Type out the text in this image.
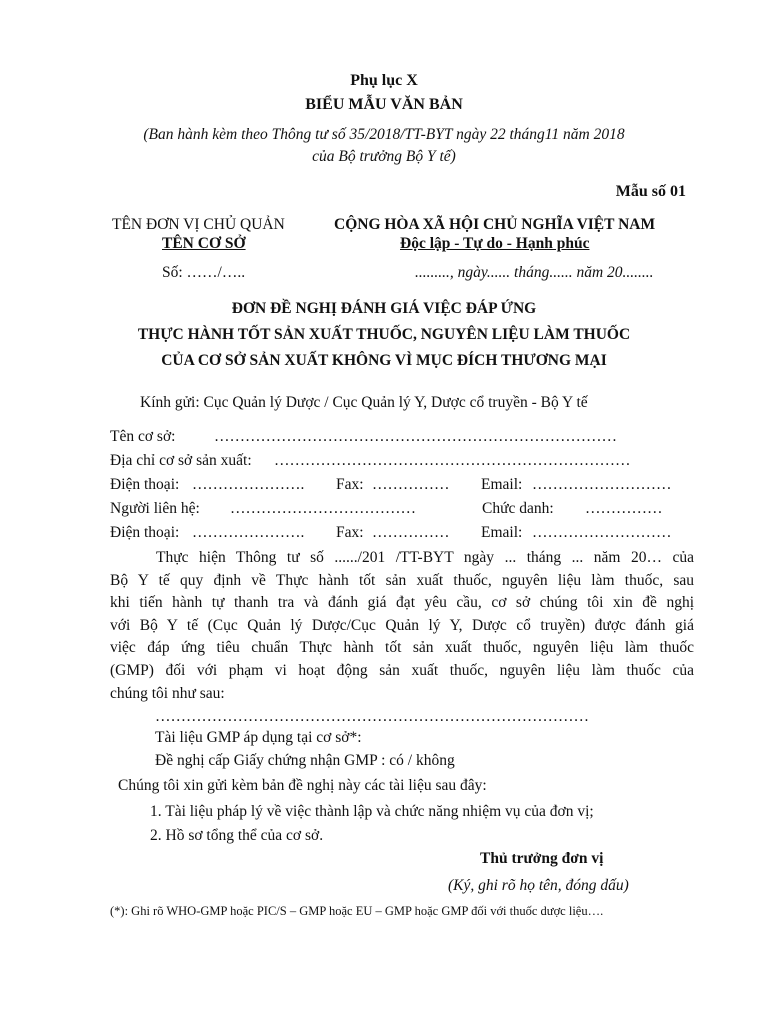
Phụ lục X
BIỂU MẪU VĂN BẢN
(Ban hành kèm theo Thông tư số 35/2018/TT-BYT ngày 22 tháng11 năm 2018
của Bộ trưởng Bộ Y tế)
Mẫu số 01
TÊN ĐƠN VỊ CHỦ QUẢN
TÊN CƠ SỞ
Số: ……/…..
CỘNG HÒA XÃ HỘI CHỦ NGHĨA VIỆT NAM
Độc lập - Tự do - Hạnh phúc
........., ngày...... tháng...... năm 20........
ĐƠN ĐỀ NGHỊ ĐÁNH GIÁ VIỆC ĐÁP ỨNG
THỰC HÀNH TỐT SẢN XUẤT THUỐC, NGUYÊN LIỆU LÀM THUỐC
CỦA CƠ SỞ SẢN XUẤT KHÔNG VÌ MỤC ĐÍCH THƯƠNG MẠI
Kính gửi: Cục Quản lý Dược / Cục Quản lý Y, Dược cổ truyền - Bộ Y tế
Tên cơ sở: ……………………………………………………………………
Địa chỉ cơ sở sản xuất: ……………………………………………………………
Điện thoại: …………………. Fax: …………… Email: ………………………
Người liên hệ: ………………………………	Chức danh: ……………
Điện thoại: …………………. Fax: …………… Email: ………………………
Thực hiện Thông tư số ....../201 /TT-BYT ngày ... tháng ... năm 20… của
Bộ Y tế quy định về Thực hành tốt sản xuất thuốc, nguyên liệu làm thuốc, sau
khi tiến hành tự thanh tra và đánh giá đạt yêu cầu, cơ sở chúng tôi xin đề nghị
với Bộ Y tế (Cục Quản lý Dược/Cục Quản lý Y, Dược cổ truyền) được đánh giá
việc đáp ứng tiêu chuẩn Thực hành tốt sản xuất thuốc, nguyên liệu làm thuốc
(GMP) đối với phạm vi hoạt động sản xuất thuốc, nguyên liệu làm thuốc của
chúng tôi như sau:
…………………………………………………………………………
Tài liệu GMP áp dụng tại cơ sở*:
Đề nghị cấp Giấy chứng nhận GMP : có / không
Chúng tôi xin gửi kèm bản đề nghị này các tài liệu sau đây:
1. Tài liệu pháp lý về việc thành lập và chức năng nhiệm vụ của đơn vị;
2. Hồ sơ tổng thể của cơ sở.
Thủ trưởng đơn vị
(Ký, ghi rõ họ tên, đóng dấu)
(*): Ghi rõ WHO-GMP hoặc PIC/S – GMP hoặc EU – GMP hoặc GMP đối với thuốc dược liệu….
